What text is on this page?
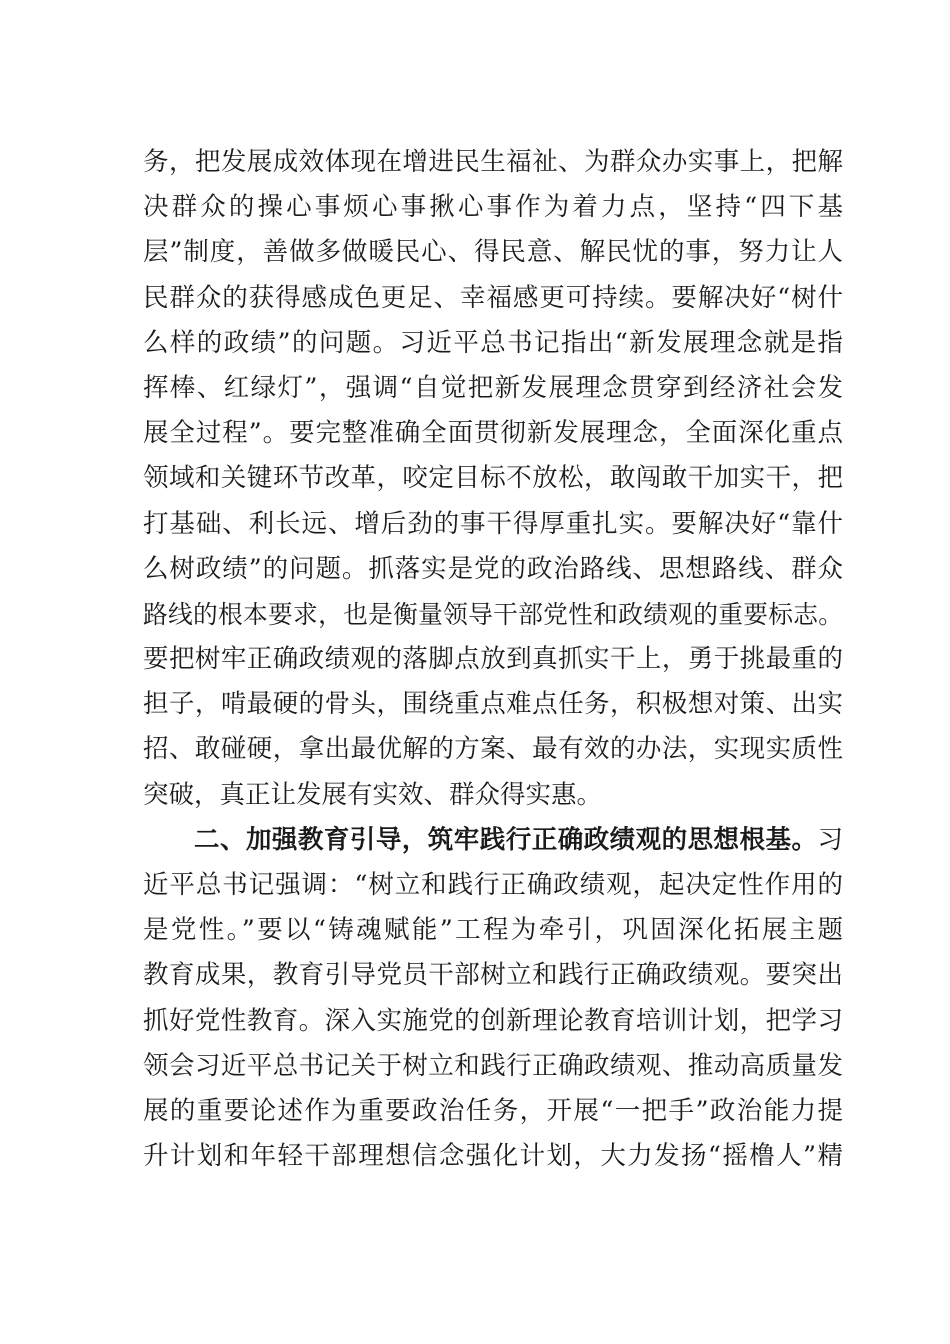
务，把发展成效体现在增进民生福祉、为群众办实事上，把解
决群众的操心事烦心事揪心事作为着力点，坚持“四下基
层”制度，善做多做暖民心、得民意、解民忧的事，努力让人
民群众的获得感成色更足、幸福感更可持续。要解决好“树什
么样的政绩”的问题。习近平总书记指出“新发展理念就是指
挥棒、红绿灯”，强调“自觉把新发展理念贯穿到经济社会发
展全过程”。要完整准确全面贯彻新发展理念，全面深化重点
领域和关键环节改革，咬定目标不放松，敢闯敢干加实干，把
打基础、利长远、增后劲的事干得厚重扎实。要解决好“靠什
么树政绩”的问题。抓落实是党的政治路线、思想路线、群众
路线的根本要求，也是衡量领导干部党性和政绩观的重要标志。
要把树牢正确政绩观的落脚点放到真抓实干上，勇于挑最重的
担子，啃最硬的骨头，围绕重点难点任务，积极想对策、出实
招、敢碰硬，拿出最优解的方案、最有效的办法，实现实质性
突破，真正让发展有实效、群众得实惠。
二、加强教育引导，筑牢践行正确政绩观的思想根基。习
近平总书记强调：“树立和践行正确政绩观，起决定性作用的
是党性。”要以“铸魂赋能”工程为牵引，巩固深化拓展主题
教育成果，教育引导党员干部树立和践行正确政绩观。要突出
抓好党性教育。深入实施党的创新理论教育培训计划，把学习
领会习近平总书记关于树立和践行正确政绩观、推动高质量发
展的重要论述作为重要政治任务，开展“一把手”政治能力提
升计划和年轻干部理想信念强化计划，大力发扬“摇橹人”精
